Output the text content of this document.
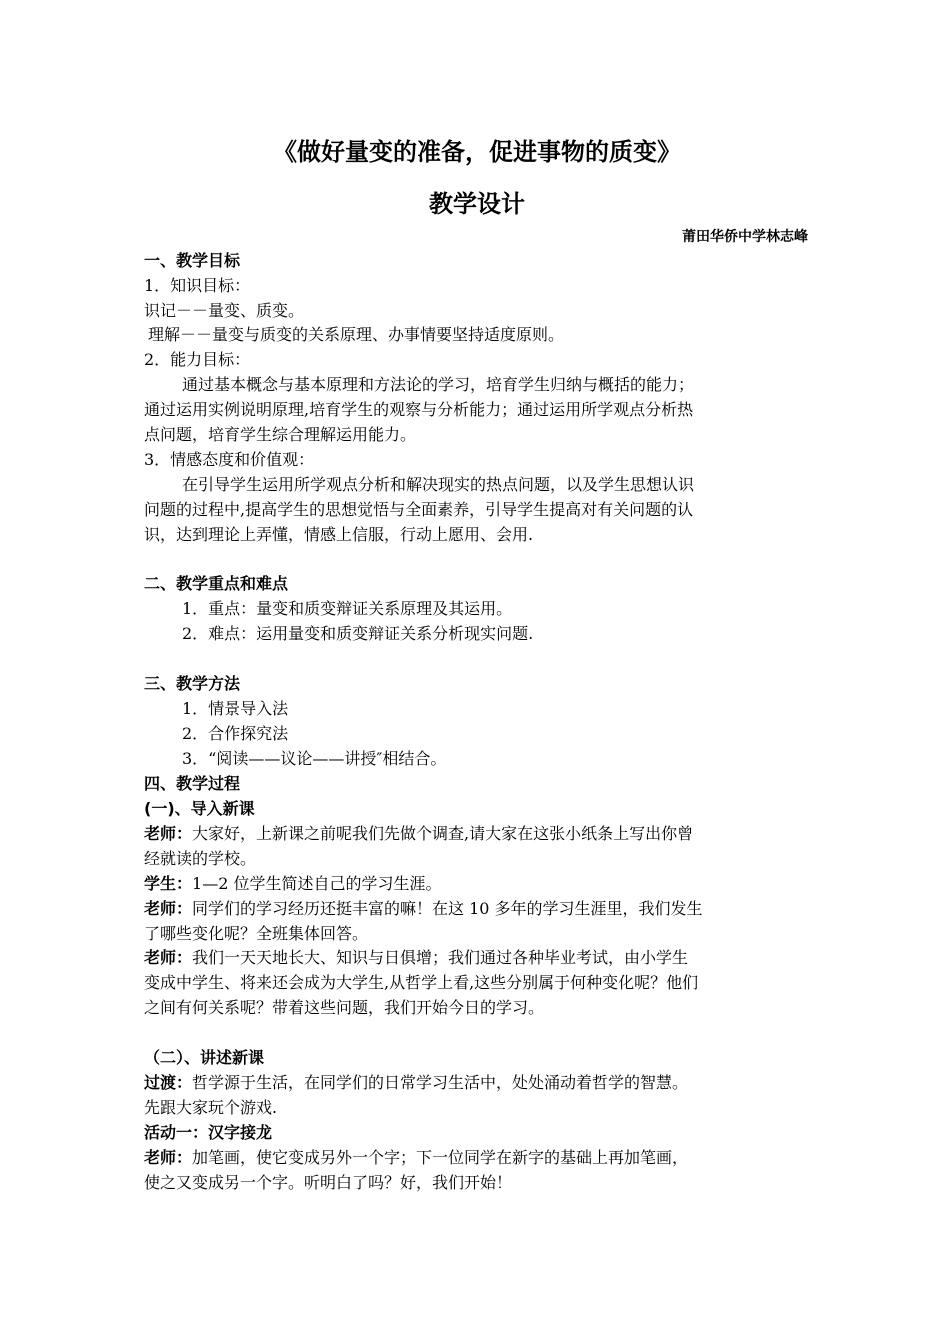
《做好量变的准备，促进事物的质变》
教学设计
莆田华侨中学林志峰
一、教学目标
1．知识目标：
识记－－量变、质变。
理解－－量变与质变的关系原理、办事情要坚持适度原则。
2．能力目标：
通过基本概念与基本原理和方法论的学习，培育学生归纳与概括的能力；
通过运用实例说明原理,培育学生的观察与分析能力；通过运用所学观点分析热
点问题，培育学生综合理解运用能力。
3．情感态度和价值观：
在引导学生运用所学观点分析和解决现实的热点问题，以及学生思想认识
问题的过程中,提高学生的思想觉悟与全面素养，引导学生提高对有关问题的认
识，达到理论上弄懂，情感上信服，行动上愿用、会用.
二、教学重点和难点
1．重点：量变和质变辩证关系原理及其运用。
2．难点：运用量变和质变辩证关系分析现实问题.
三、教学方法
1．情景导入法
2．合作探究法
3．“阅读——议论——讲授″相结合。
四、教学过程
(一)、导入新课
老师：大家好，上新课之前呢我们先做个调查,请大家在这张小纸条上写出你曾
经就读的学校。
学生：1—2 位学生简述自己的学习生涯。
老师：同学们的学习经历还挺丰富的嘛！在这 10 多年的学习生涯里，我们发生
了哪些变化呢？全班集体回答。
老师：我们一天天地长大、知识与日俱增；我们通过各种毕业考试，由小学生
变成中学生、将来还会成为大学生,从哲学上看,这些分别属于何种变化呢？他们
之间有何关系呢？带着这些问题，我们开始今日的学习。
（二）、讲述新课
过渡：哲学源于生活，在同学们的日常学习生活中，处处涌动着哲学的智慧。
先跟大家玩个游戏.
活动一：汉字接龙
老师：加笔画，使它变成另外一个字；下一位同学在新字的基础上再加笔画，
使之又变成另一个字。听明白了吗？好，我们开始！
